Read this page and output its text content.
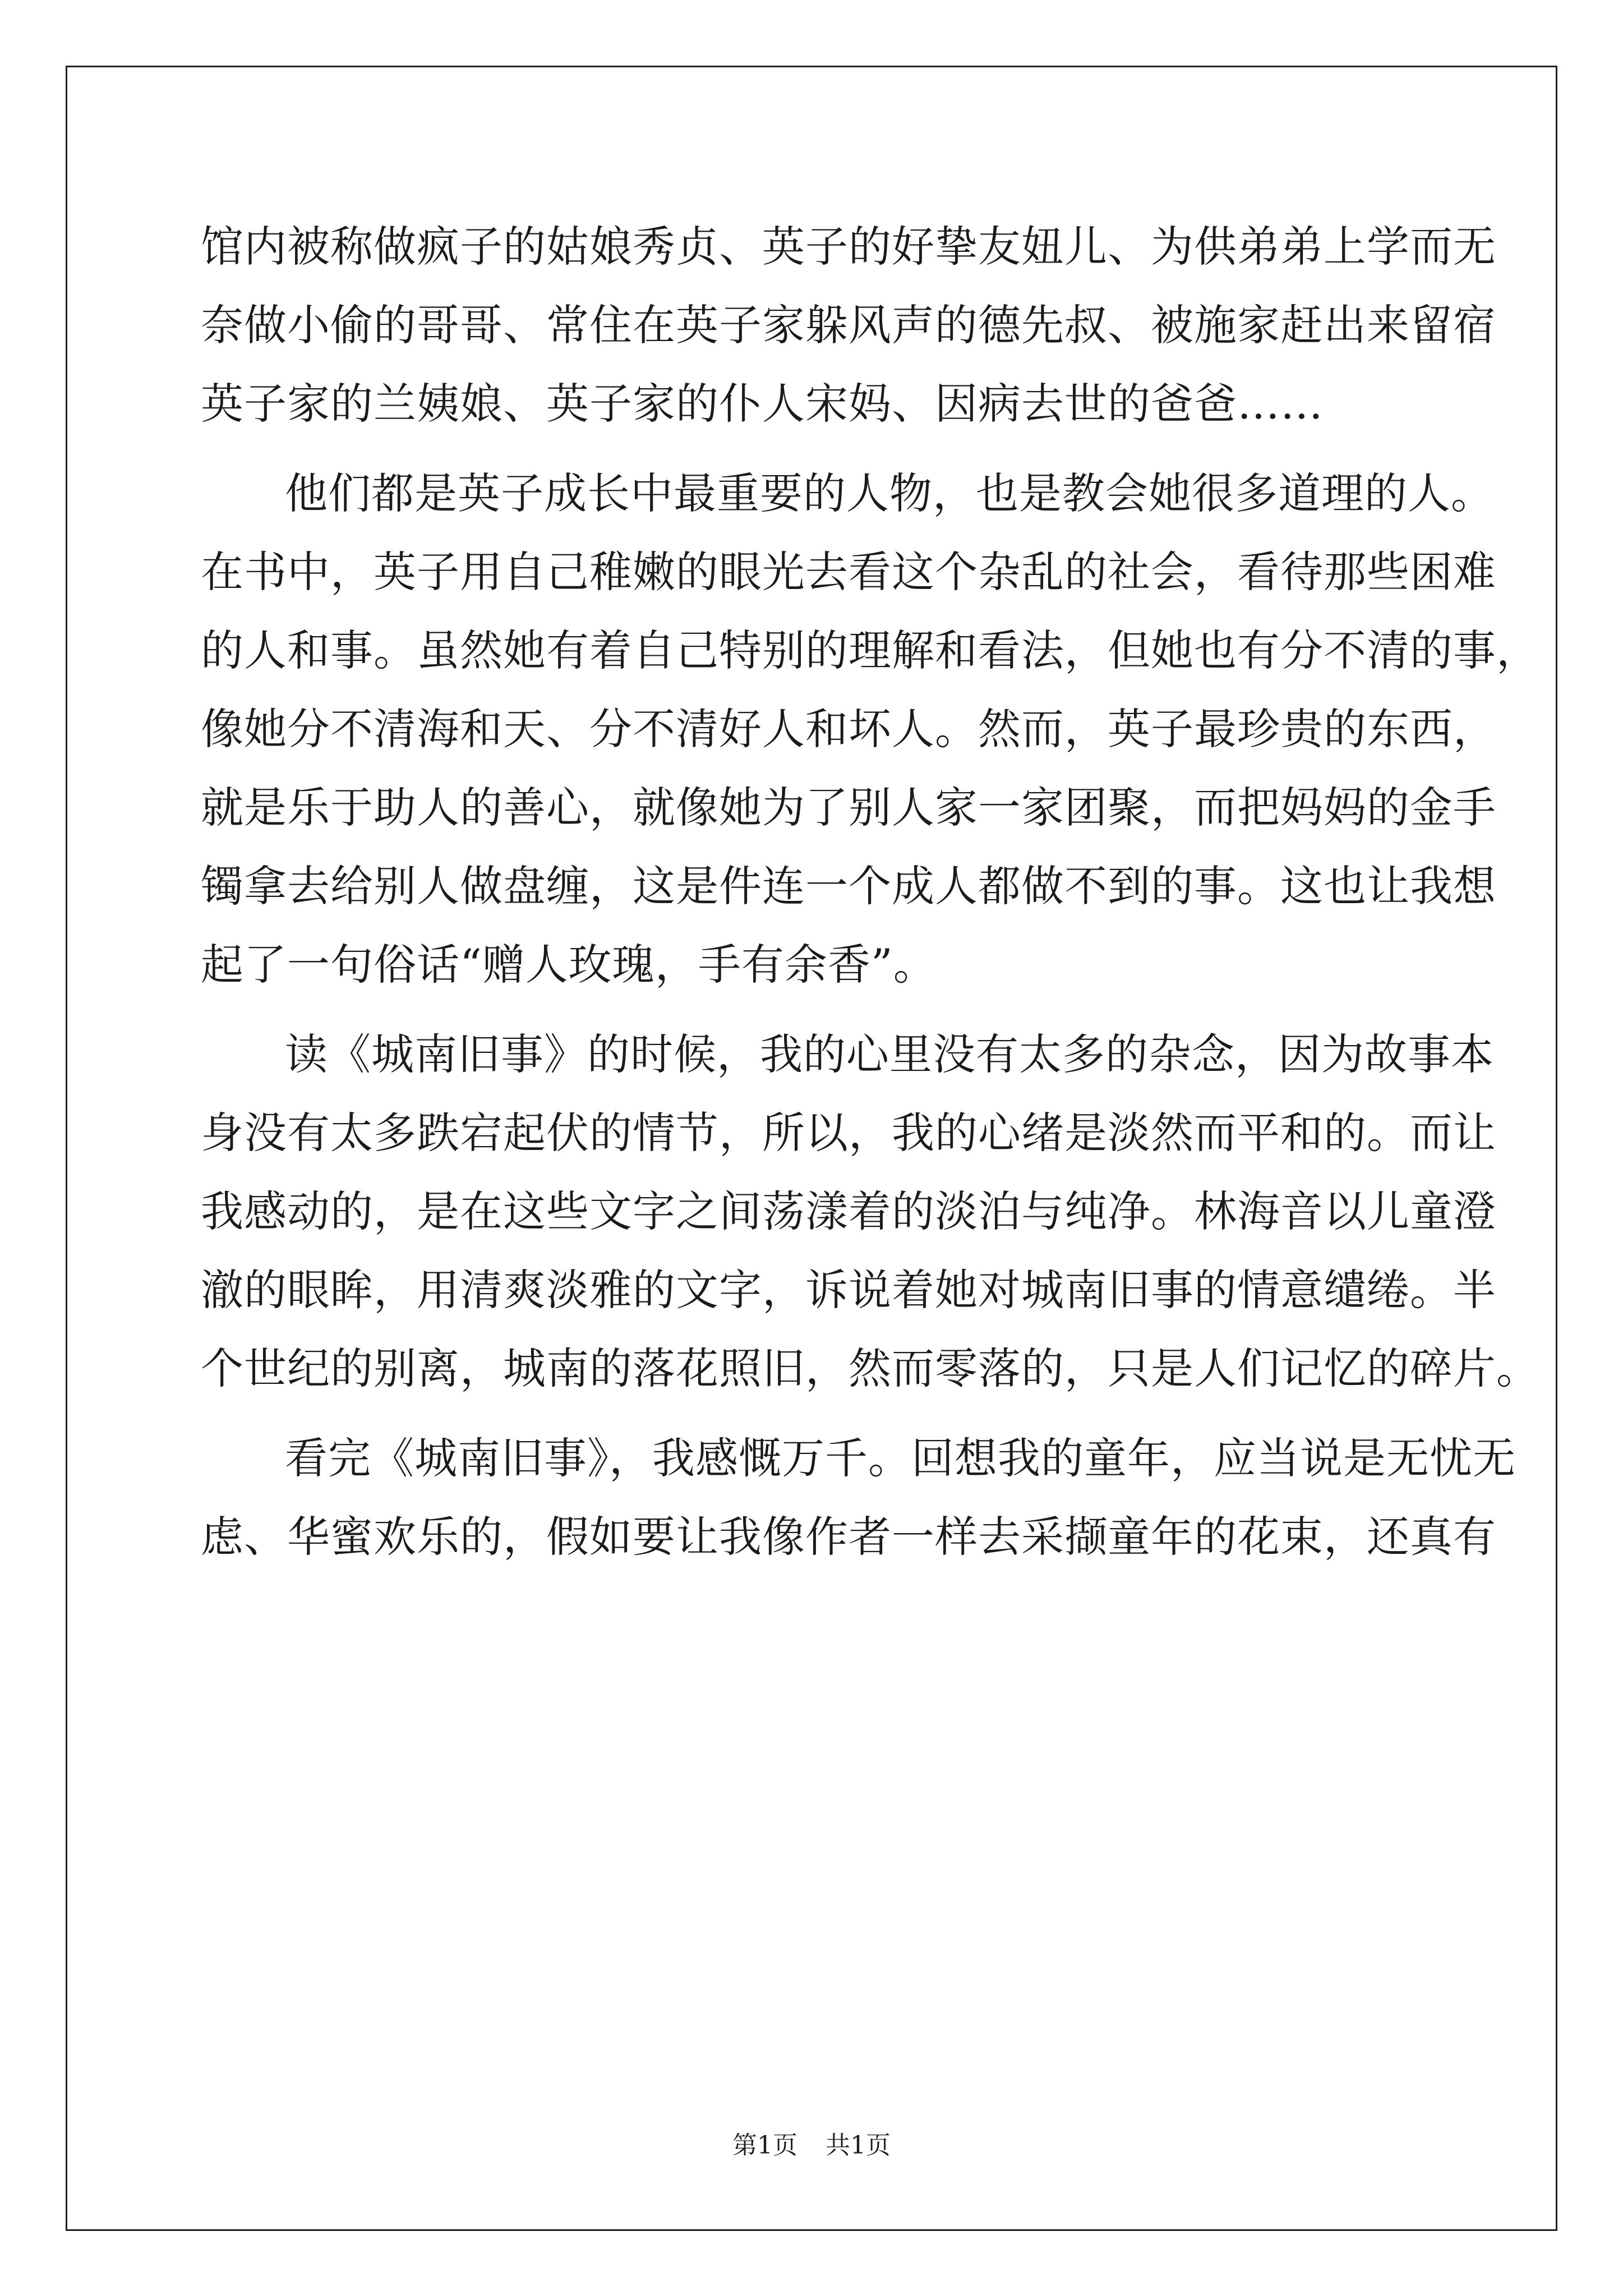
馆内被称做疯子的姑娘秀贞、英子的好挚友妞儿、为供弟弟上学而无
奈做小偷的哥哥、常住在英子家躲风声的德先叔、被施家赶出来留宿
英子家的兰姨娘、英子家的仆人宋妈、因病去世的爸爸……
他们都是英子成长中最重要的人物，也是教会她很多道理的人。
在书中，英子用自己稚嫩的眼光去看这个杂乱的社会，看待那些困难
的人和事。虽然她有着自己特别的理解和看法，但她也有分不清的事，
像她分不清海和天、分不清好人和坏人。然而，英子最珍贵的东西，
就是乐于助人的善心，就像她为了别人家一家团聚，而把妈妈的金手
镯拿去给别人做盘缠，这是件连一个成人都做不到的事。这也让我想
起了一句俗话“赠人玫瑰，手有余香”。
读《城南旧事》的时候，我的心里没有太多的杂念，因为故事本
身没有太多跌宕起伏的情节，所以，我的心绪是淡然而平和的。而让
我感动的，是在这些文字之间荡漾着的淡泊与纯净。林海音以儿童澄
澈的眼眸，用清爽淡雅的文字，诉说着她对城南旧事的情意缱绻。半
个世纪的别离，城南的落花照旧，然而零落的，只是人们记忆的碎片。
看完《城南旧事》，我感慨万千。回想我的童年，应当说是无忧无
虑、华蜜欢乐的，假如要让我像作者一样去采撷童年的花束，还真有
第1页 共1页
